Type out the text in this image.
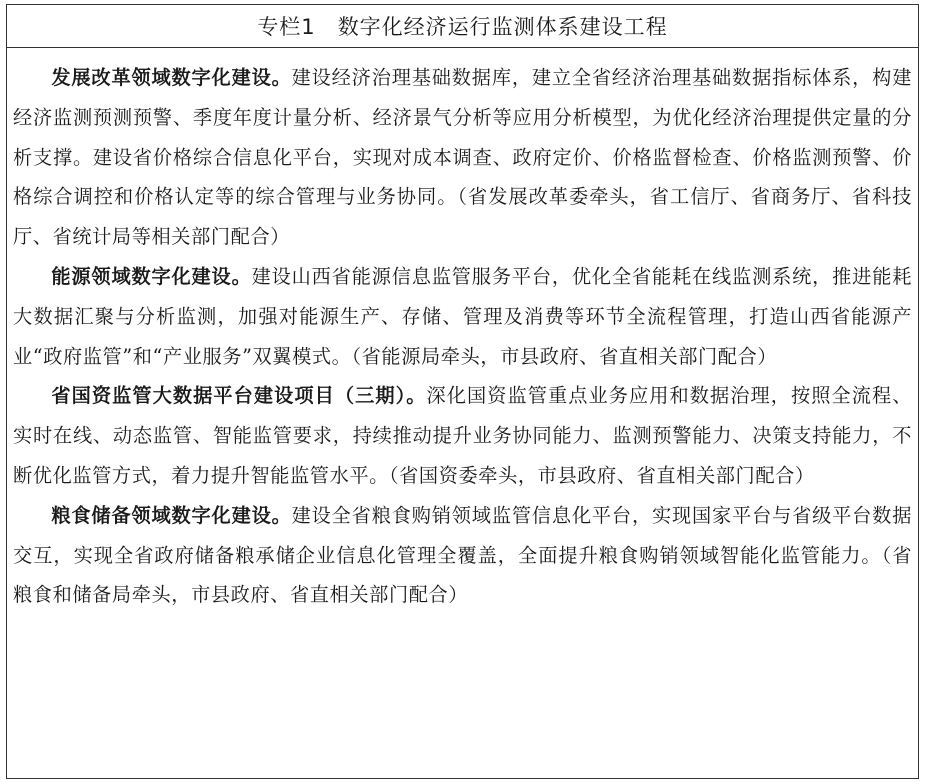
专栏1 数字化经济运行监测体系建设工程

发展改革领域数字化建设。建设经济治理基础数据库，建立全省经济治理基础数据指标体系，构建经济监测预测预警、季度年度计量分析、经济景气分析等应用分析模型，为优化经济治理提供定量的分析支撑。建设省价格综合信息化平台，实现对成本调查、政府定价、价格监督检查、价格监测预警、价格综合调控和价格认定等的综合管理与业务协同。（省发展改革委牵头，省工信厅、省商务厅、省科技厅、省统计局等相关部门配合）

能源领域数字化建设。建设山西省能源信息监管服务平台，优化全省能耗在线监测系统，推进能耗大数据汇聚与分析监测，加强对能源生产、存储、管理及消费等环节全流程管理，打造山西省能源产业“政府监管”和“产业服务”双翼模式。（省能源局牵头，市县政府、省直相关部门配合）

省国资监管大数据平台建设项目（三期）。深化国资监管重点业务应用和数据治理，按照全流程、实时在线、动态监管、智能监管要求，持续推动提升业务协同能力、监测预警能力、决策支持能力，不断优化监管方式，着力提升智能监管水平。（省国资委牵头，市县政府、省直相关部门配合）

粮食储备领域数字化建设。建设全省粮食购销领域监管信息化平台，实现国家平台与省级平台数据交互，实现全省政府储备粮承储企业信息化管理全覆盖，全面提升粮食购销领域智能化监管能力。（省粮食和储备局牵头，市县政府、省直相关部门配合）
